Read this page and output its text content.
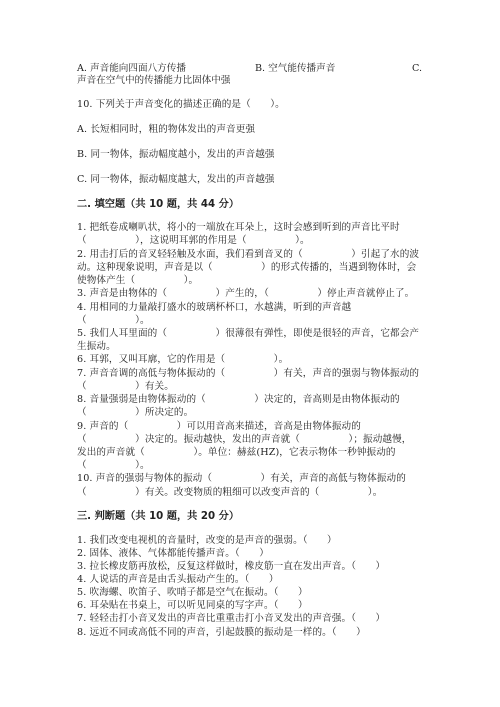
A. 声音能向四面八方传播	B. 空气能传播声音	C.
声音在空气中的传播能力比固体中强
10. 下列关于声音变化的描述正确的是（　　）。
A. 长短相同时，粗的物体发出的声音更强
B. 同一物体，振动幅度越小，发出的声音越强
C. 同一物体，振动幅度越大，发出的声音越强
二. 填空题（共 10 题，共 44 分）
1. 把纸卷成喇叭状，将小的一端放在耳朵上，这时会感到听到的声音比平时
（　　　　　），这说明耳郭的作用是（　　　　　）。
2. 用击打后的音叉轻轻触及水面，我们看到音叉的（　　　　　）引起了水的波
动。这种现象说明，声音是以（　　　　　）的形式传播的，当遇到物体时，会
使物体产生（　　　　　）。
3. 声音是由物体的（　　　　　）产生的，（　　　　　）停止声音就停止了。
4. 用相同的力量敲打盛水的玻璃杯杯口，水越满，听到的声音越
（　　　　　）。
5. 我们人耳里面的（　　　　　）很薄很有弹性，即使是很轻的声音，它都会产
生振动。
6. 耳郭，又叫耳廓，它的作用是（　　　　　）。
7. 声音音调的高低与物体振动的（　　　　　）有关，声音的强弱与物体振动的
（　　　　　）有关。
8. 音量强弱是由物体振动的（　　　　　）决定的，音高则是由物体振动的
（　　　　　）所决定的。
9. 声音的（　　　　　）可以用音高来描述，音高是由物体振动的
（　　　　　）决定的。振动越快，发出的声音就（　　　　　）；振动越慢，
发出的声音就（　　　　　）。单位：赫兹(HZ)，它表示物体一秒钟振动的
（　　　　　）。
10. 声音的强弱与物体的振动（　　　　　）有关，声音的高低与物体振动的
（　　　　　）有关。改变物质的粗细可以改变声音的（　　　　　）。
三. 判断题（共 10 题，共 20 分）
1. 我们改变电视机的音量时，改变的是声音的强弱。（　　）
2. 固体、液体、气体都能传播声音。（　　）
3. 拉长橡皮筋再放松，反复这样做时，橡皮筋一直在发出声音。（　　）
4. 人说话的声音是由舌头振动产生的。（　　）
5. 吹海螺、吹笛子、吹哨子都是空气在振动。（　　）
6. 耳朵贴在书桌上，可以听见同桌的写字声。（　　）
7. 轻轻击打小音叉发出的声音比重重击打小音叉发出的声音强。（　　）
8. 远近不同或高低不同的声音，引起鼓膜的振动是一样的。（　　）
